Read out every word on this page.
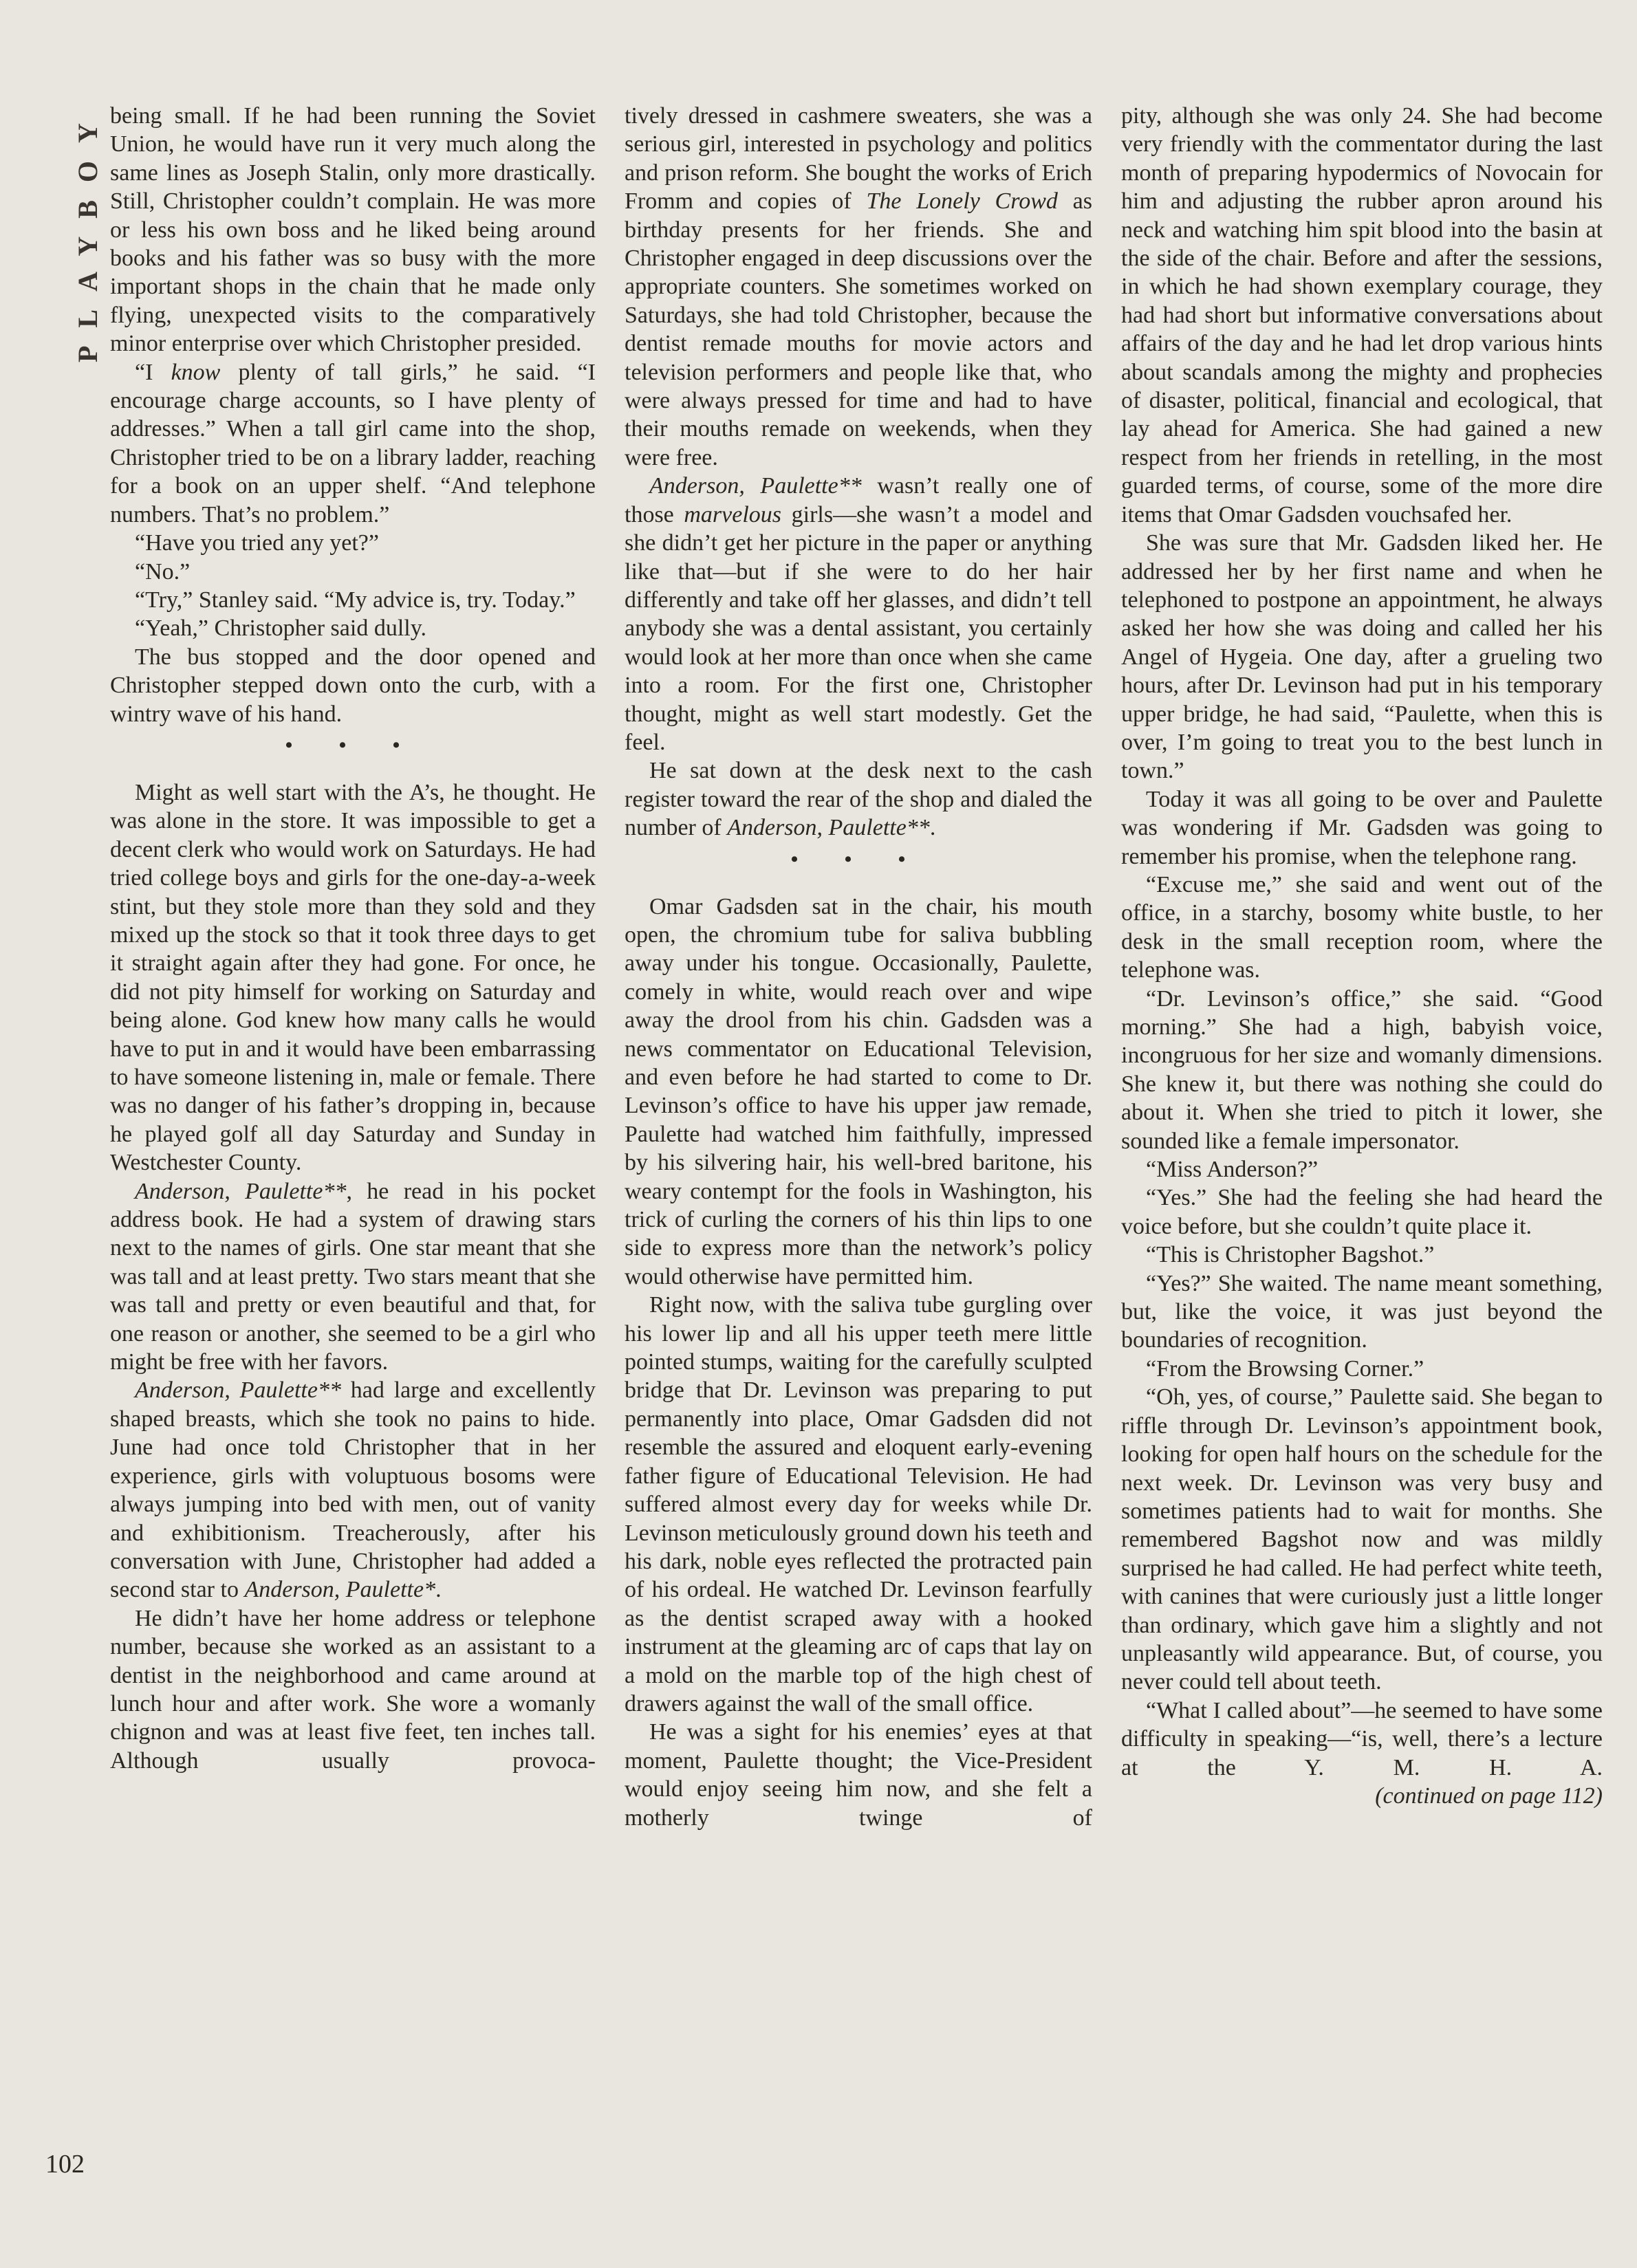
PLAYBOY
102

being small. If he had been running the Soviet Union, he would have run it very much along the same lines as Joseph Stalin, only more drastically. Still, Christopher couldn’t complain. He was more or less his own boss and he liked being around books and his father was so busy with the more important shops in the chain that he made only flying, unexpected visits to the comparatively minor enterprise over which Christopher presided.

“I know plenty of tall girls,” he said. “I encourage charge accounts, so I have plenty of addresses.” When a tall girl came into the shop, Christopher tried to be on a library ladder, reaching for a book on an upper shelf. “And telephone numbers. That’s no problem.”

“Have you tried any yet?”

“No.”

“Try,” Stanley said. “My advice is, try. Today.”

“Yeah,” Christopher said dully.

The bus stopped and the door opened and Christopher stepped down onto the curb, with a wintry wave of his hand.

• • •

Might as well start with the A’s, he thought. He was alone in the store. It was impossible to get a decent clerk who would work on Saturdays. He had tried college boys and girls for the one-day-a-week stint, but they stole more than they sold and they mixed up the stock so that it took three days to get it straight again after they had gone. For once, he did not pity himself for working on Saturday and being alone. God knew how many calls he would have to put in and it would have been embarrassing to have someone listening in, male or female. There was no danger of his father’s dropping in, because he played golf all day Saturday and Sunday in Westchester County.

Anderson, Paulette**, he read in his pocket address book. He had a system of drawing stars next to the names of girls. One star meant that she was tall and at least pretty. Two stars meant that she was tall and pretty or even beautiful and that, for one reason or another, she seemed to be a girl who might be free with her favors.

Anderson, Paulette** had large and excellently shaped breasts, which she took no pains to hide. June had once told Christopher that in her experience, girls with voluptuous bosoms were always jumping into bed with men, out of vanity and exhibitionism. Treacherously, after his conversation with June, Christopher had added a second star to Anderson, Paulette*.

He didn’t have her home address or telephone number, because she worked as an assistant to a dentist in the neighborhood and came around at lunch hour and after work. She wore a womanly chignon and was at least five feet, ten inches tall. Although usually provoca-

tively dressed in cashmere sweaters, she was a serious girl, interested in psychology and politics and prison reform. She bought the works of Erich Fromm and copies of The Lonely Crowd as birthday presents for her friends. She and Christopher engaged in deep discussions over the appropriate counters. She sometimes worked on Saturdays, she had told Christopher, because the dentist remade mouths for movie actors and television performers and people like that, who were always pressed for time and had to have their mouths remade on weekends, when they were free.

Anderson, Paulette** wasn’t really one of those marvelous girls—she wasn’t a model and she didn’t get her picture in the paper or anything like that—but if she were to do her hair differently and take off her glasses, and didn’t tell anybody she was a dental assistant, you certainly would look at her more than once when she came into a room. For the first one, Christopher thought, might as well start modestly. Get the feel.

He sat down at the desk next to the cash register toward the rear of the shop and dialed the number of Anderson, Paulette**.

• • •

Omar Gadsden sat in the chair, his mouth open, the chromium tube for saliva bubbling away under his tongue. Occasionally, Paulette, comely in white, would reach over and wipe away the drool from his chin. Gadsden was a news commentator on Educational Television, and even before he had started to come to Dr. Levinson’s office to have his upper jaw remade, Paulette had watched him faithfully, impressed by his silvering hair, his well-bred baritone, his weary contempt for the fools in Washington, his trick of curling the corners of his thin lips to one side to express more than the network’s policy would otherwise have permitted him.

Right now, with the saliva tube gurgling over his lower lip and all his upper teeth mere little pointed stumps, waiting for the carefully sculpted bridge that Dr. Levinson was preparing to put permanently into place, Omar Gadsden did not resemble the assured and eloquent early-evening father figure of Educational Television. He had suffered almost every day for weeks while Dr. Levinson meticulously ground down his teeth and his dark, noble eyes reflected the protracted pain of his ordeal. He watched Dr. Levinson fearfully as the dentist scraped away with a hooked instrument at the gleaming arc of caps that lay on a mold on the marble top of the high chest of drawers against the wall of the small office.

He was a sight for his enemies’ eyes at that moment, Paulette thought; the Vice-President would enjoy seeing him now, and she felt a motherly twinge of

pity, although she was only 24. She had become very friendly with the commentator during the last month of preparing hypodermics of Novocain for him and adjusting the rubber apron around his neck and watching him spit blood into the basin at the side of the chair. Before and after the sessions, in which he had shown exemplary courage, they had had short but informative conversations about affairs of the day and he had let drop various hints about scandals among the mighty and prophecies of disaster, political, financial and ecological, that lay ahead for America. She had gained a new respect from her friends in retelling, in the most guarded terms, of course, some of the more dire items that Omar Gadsden vouchsafed her.

She was sure that Mr. Gadsden liked her. He addressed her by her first name and when he telephoned to postpone an appointment, he always asked her how she was doing and called her his Angel of Hygeia. One day, after a grueling two hours, after Dr. Levinson had put in his temporary upper bridge, he had said, “Paulette, when this is over, I’m going to treat you to the best lunch in town.”

Today it was all going to be over and Paulette was wondering if Mr. Gadsden was going to remember his promise, when the telephone rang.

“Excuse me,” she said and went out of the office, in a starchy, bosomy white bustle, to her desk in the small reception room, where the telephone was.

“Dr. Levinson’s office,” she said. “Good morning.” She had a high, babyish voice, incongruous for her size and womanly dimensions. She knew it, but there was nothing she could do about it. When she tried to pitch it lower, she sounded like a female impersonator.

“Miss Anderson?”

“Yes.” She had the feeling she had heard the voice before, but she couldn’t quite place it.

“This is Christopher Bagshot.”

“Yes?” She waited. The name meant something, but, like the voice, it was just beyond the boundaries of recognition.

“From the Browsing Corner.”

“Oh, yes, of course,” Paulette said. She began to riffle through Dr. Levinson’s appointment book, looking for open half hours on the schedule for the next week. Dr. Levinson was very busy and sometimes patients had to wait for months. She remembered Bagshot now and was mildly surprised he had called. He had perfect white teeth, with canines that were curiously just a little longer than ordinary, which gave him a slightly and not unpleasantly wild appearance. But, of course, you never could tell about teeth.

“What I called about”—he seemed to have some difficulty in speaking—“is, well, there’s a lecture at the Y. M. H. A.

(continued on page 112)
